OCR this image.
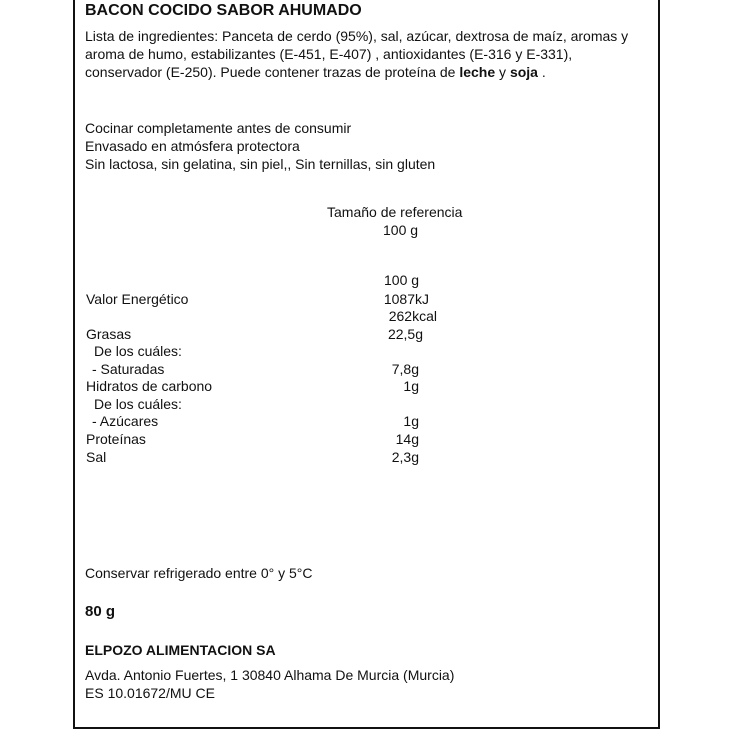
BACON COCIDO SABOR AHUMADO
Lista de ingredientes: Panceta de cerdo (95%), sal, azúcar, dextrosa de maíz, aromas y aroma de humo, estabilizantes (E-451, E-407) , antioxidantes (E-316 y E-331), conservador (E-250). Puede contener trazas de proteína de leche y soja .
Cocinar completamente antes de consumir
Envasado en atmósfera protectora
Sin lactosa, sin gelatina, sin piel,, Sin ternillas, sin gluten
Tamaño de referencia
100 g
100 g
Valor Energético	1087kJ
262kcal
Grasas	22,5g
De los cuáles:
- Saturadas	7,8g
Hidratos de carbono	1g
De los cuáles:
- Azúcares	1g
Proteínas	14g
Sal	2,3g
Conservar refrigerado entre 0° y 5°C
80 g
ELPOZO ALIMENTACION SA
Avda. Antonio Fuertes, 1 30840 Alhama De Murcia (Murcia)
ES 10.01672/MU CE
